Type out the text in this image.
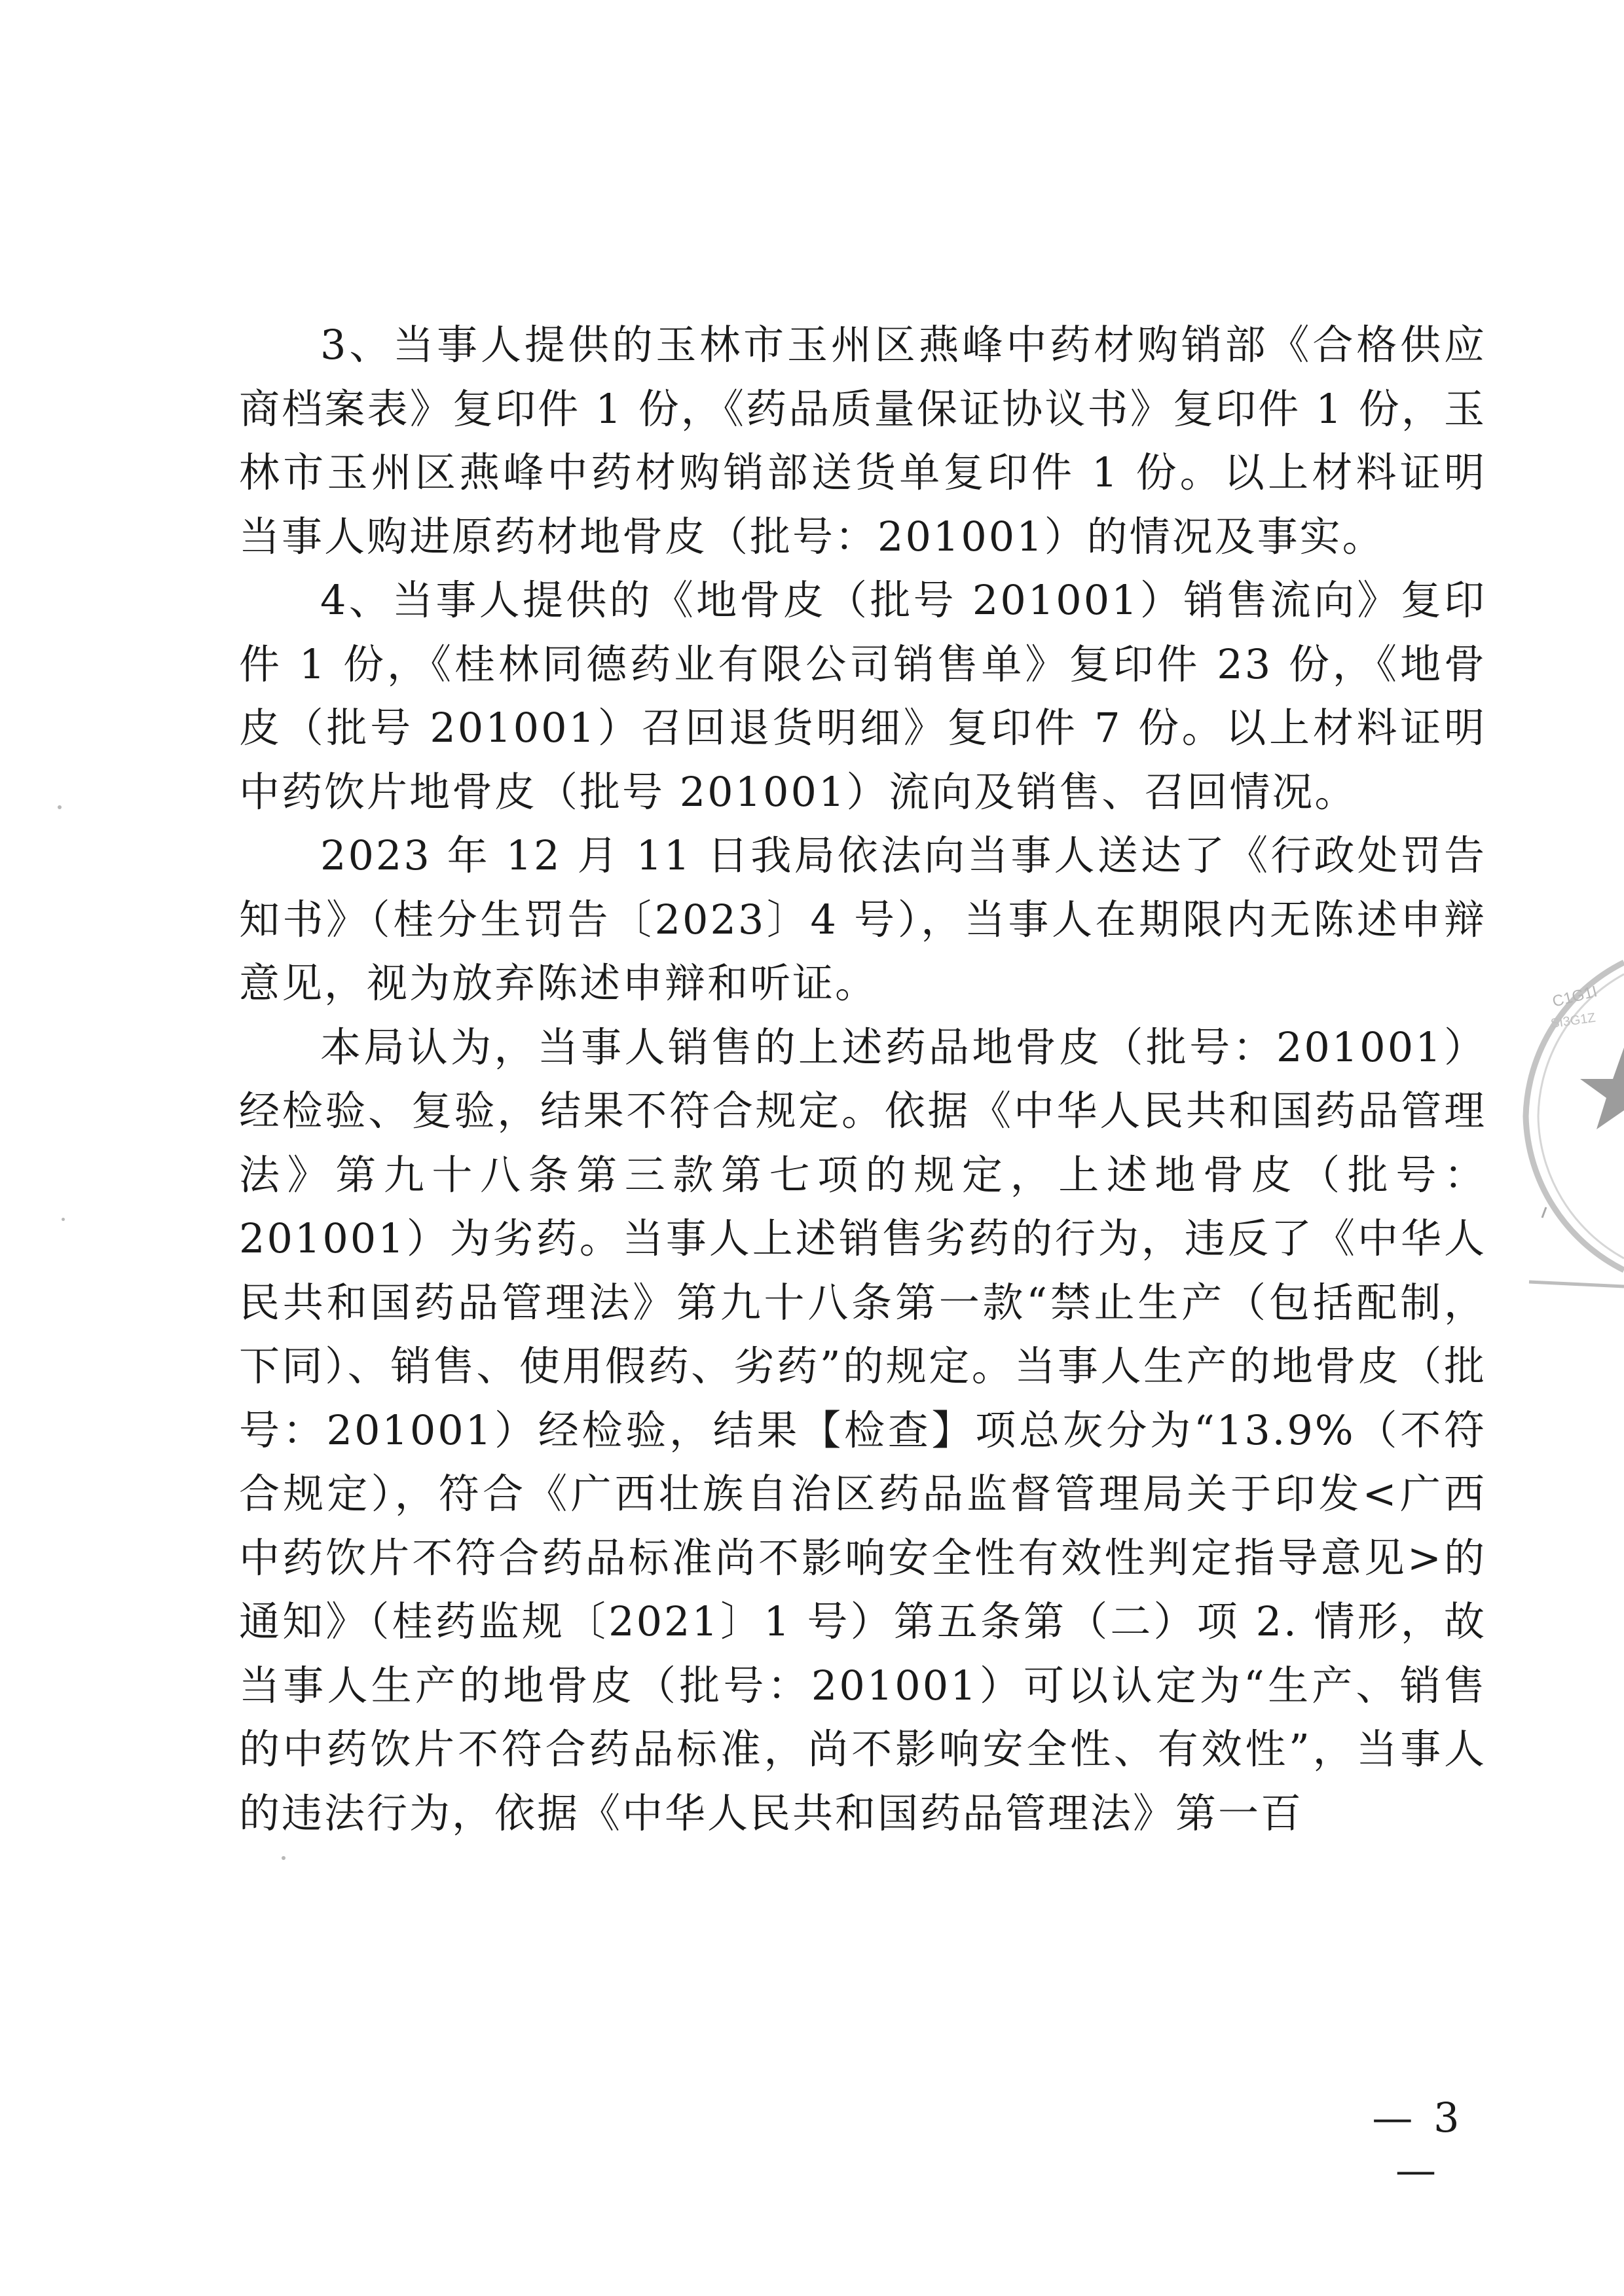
3、当事人提供的玉林市玉州区燕峰中药材购销部《合格供应商档案表》复印件 1 份，《药品质量保证协议书》复印件 1 份，玉林市玉州区燕峰中药材购销部送货单复印件 1 份。以上材料证明当事人购进原药材地骨皮（批号：201001）的情况及事实。

4、当事人提供的《地骨皮（批号 201001）销售流向》复印件 1 份，《桂林同德药业有限公司销售单》复印件 23 份，《地骨皮（批号 201001）召回退货明细》复印件 7 份。以上材料证明中药饮片地骨皮（批号 201001）流向及销售、召回情况。

2023 年 12 月 11 日我局依法向当事人送达了《行政处罚告知书》（桂分生罚告〔2023〕4 号），当事人在期限内无陈述申辩意见，视为放弃陈述申辩和听证。

本局认为，当事人销售的上述药品地骨皮（批号：201001）经检验、复验，结果不符合规定。依据《中华人民共和国药品管理法》第九十八条第三款第七项的规定，上述地骨皮（批号：201001）为劣药。当事人上述销售劣药的行为，违反了《中华人民共和国药品管理法》第九十八条第一款“禁止生产（包括配制，下同）、销售、使用假药、劣药”的规定。当事人生产的地骨皮（批号：201001）经检验，结果【检查】项总灰分为“13.9%（不符合规定），符合《广西壮族自治区药品监督管理局关于印发<广西中药饮片不符合药品标准尚不影响安全性有效性判定指导意见>的通知》（桂药监规〔2021〕1 号）第五条第（二）项 2. 情形，故当事人生产的地骨皮（批号：201001）可以认定为“生产、销售的中药饮片不符合药品标准，尚不影响安全性、有效性”，当事人的违法行为，依据《中华人民共和国药品管理法》第一百

— 3 —
C1G1I
SI3G1Z
